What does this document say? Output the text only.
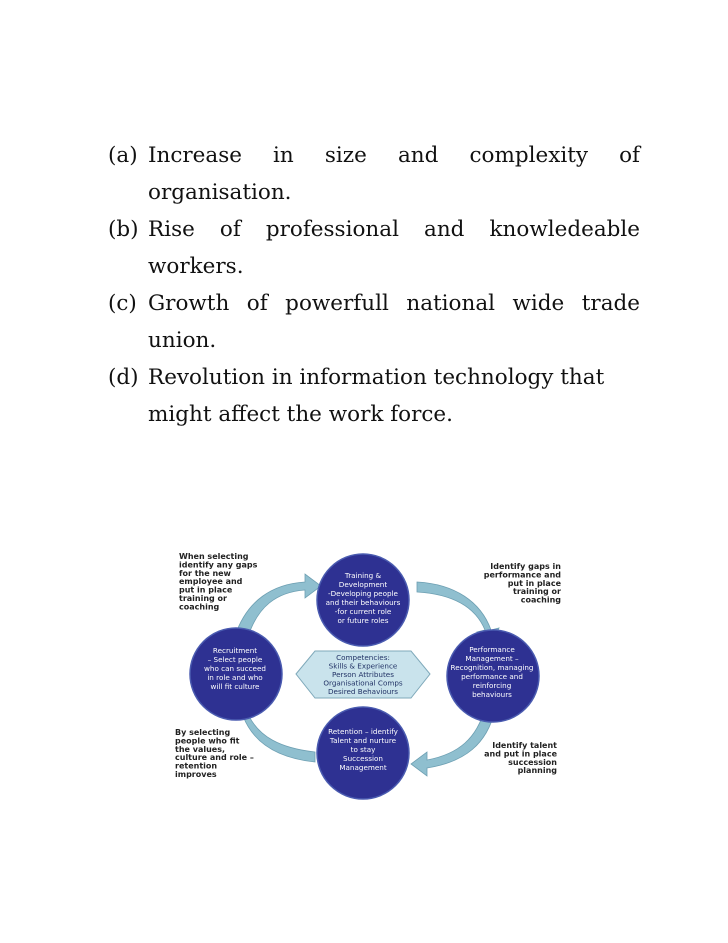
(a) Increase in size and complexity of organisation.
(b) Rise of professional and knowledeable workers.
(c) Growth of powerfull national wide trade union.
(d) Revolution in information technology that might affect the work force.
Training & Development -Developing people and their behaviours -for current role or future roles
Recruitment – Select people who can succeed in role and who will fit culture
Performance Management – Recognition, managing performance and reinforcing behaviours
Retention – identify Talent and nurture to stay Succession Management
Competencies: Skills & Experience Person Attributes Organisational Comps Desired Behaviours
When selecting identify any gaps for the new employee and put in place training or coaching
Identify gaps in performance and put in place training or coaching
By selecting people who fit the values, culture and role – retention improves
Identify talent and put in place succession planning
